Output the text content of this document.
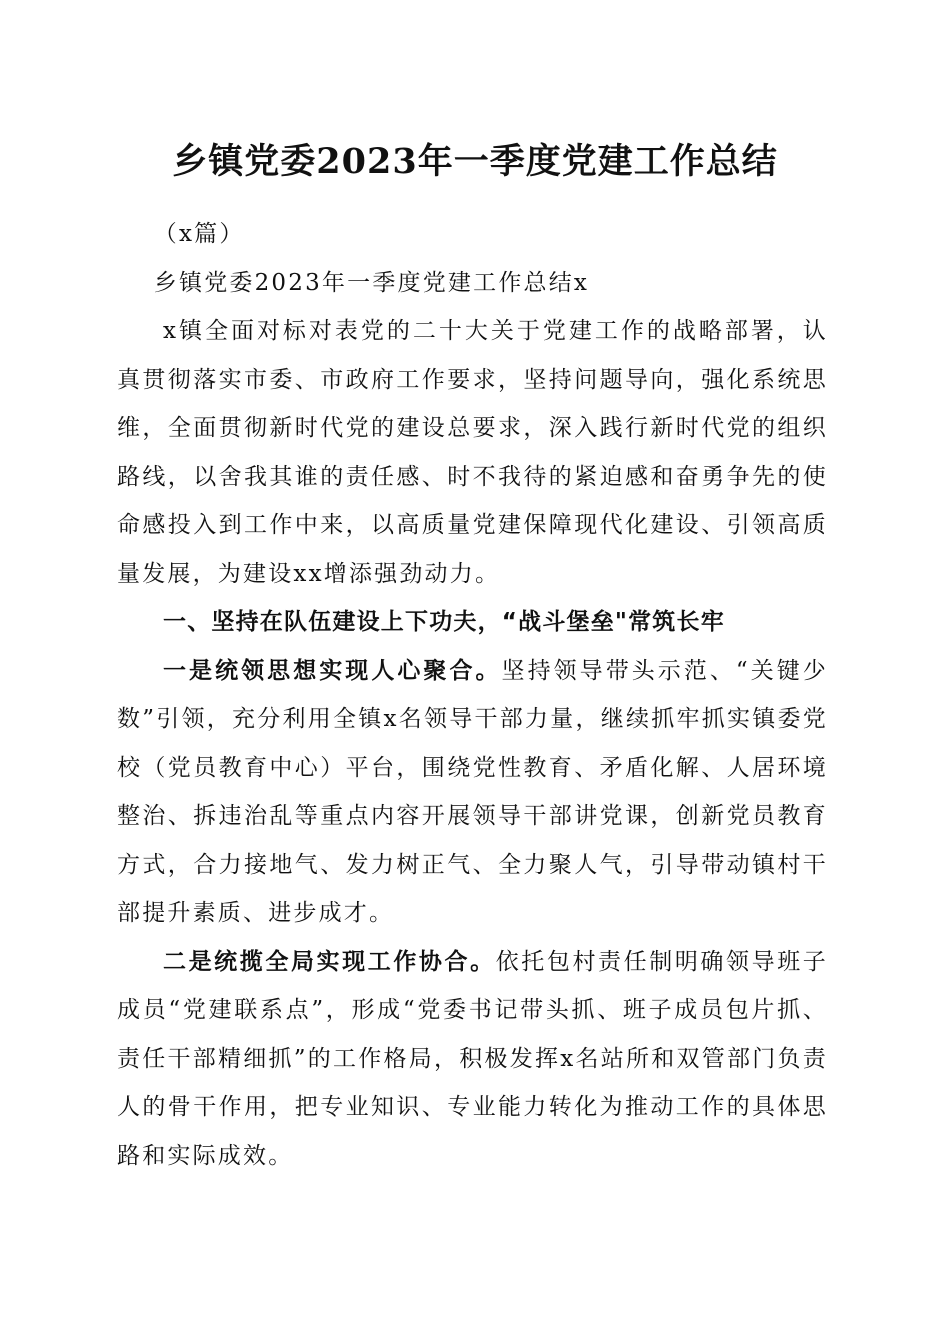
乡镇党委2023年一季度党建工作总结

（x篇）

乡镇党委2023年一季度党建工作总结x

x镇全面对标对表党的二十大关于党建工作的战略部署，认真贯彻落实市委、市政府工作要求，坚持问题导向，强化系统思维，全面贯彻新时代党的建设总要求，深入践行新时代党的组织路线，以舍我其谁的责任感、时不我待的紧迫感和奋勇争先的使命感投入到工作中来，以高质量党建保障现代化建设、引领高质量发展，为建设xx增添强劲动力。

一、坚持在队伍建设上下功夫，“战斗堡垒"常筑长牢

一是统领思想实现人心聚合。坚持领导带头示范、“关键少数”引领，充分利用全镇x名领导干部力量，继续抓牢抓实镇委党校（党员教育中心）平台，围绕党性教育、矛盾化解、人居环境整治、拆违治乱等重点内容开展领导干部讲党课，创新党员教育方式，合力接地气、发力树正气、全力聚人气，引导带动镇村干部提升素质、进步成才。

二是统揽全局实现工作协合。依托包村责任制明确领导班子成员“党建联系点”，形成“党委书记带头抓、班子成员包片抓、责任干部精细抓”的工作格局，积极发挥x名站所和双管部门负责人的骨干作用，把专业知识、专业能力转化为推动工作的具体思路和实际成效。
